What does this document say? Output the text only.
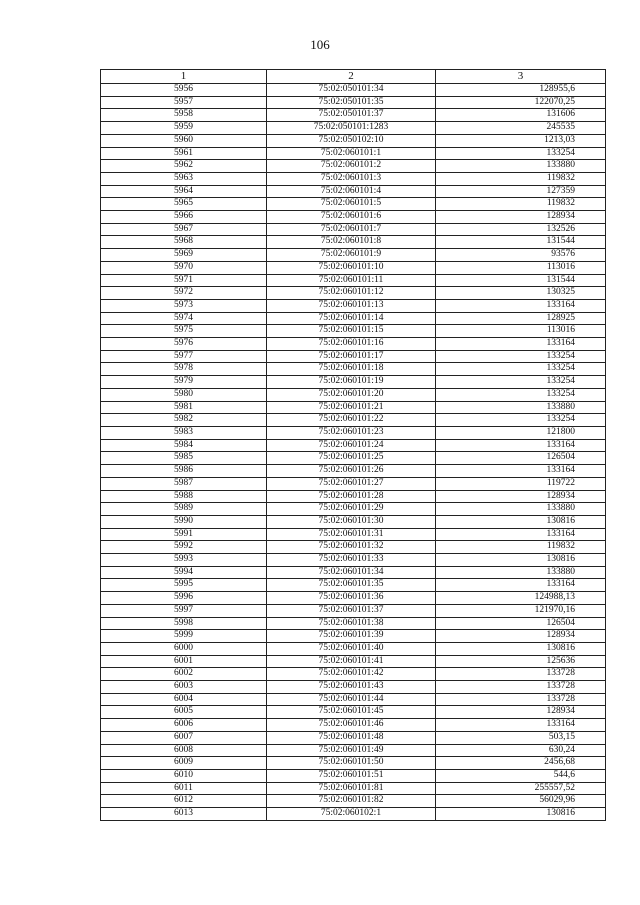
106
1	2	3
5956	75:02:050101:34	128955,6
5957	75:02:050101:35	122070,25
5958	75:02:050101:37	131606
5959	75:02:050101:1283	245535
5960	75:02:050102:10	1213,03
5961	75:02:060101:1	133254
5962	75:02:060101:2	133880
5963	75:02:060101:3	119832
5964	75:02:060101:4	127359
5965	75:02:060101:5	119832
5966	75:02:060101:6	128934
5967	75:02:060101:7	132526
5968	75:02:060101:8	131544
5969	75:02:060101:9	93576
5970	75:02:060101:10	113016
5971	75:02:060101:11	131544
5972	75:02:060101:12	130325
5973	75:02:060101:13	133164
5974	75:02:060101:14	128925
5975	75:02:060101:15	113016
5976	75:02:060101:16	133164
5977	75:02:060101:17	133254
5978	75:02:060101:18	133254
5979	75:02:060101:19	133254
5980	75:02:060101:20	133254
5981	75:02:060101:21	133880
5982	75:02:060101:22	133254
5983	75:02:060101:23	121800
5984	75:02:060101:24	133164
5985	75:02:060101:25	126504
5986	75:02:060101:26	133164
5987	75:02:060101:27	119722
5988	75:02:060101:28	128934
5989	75:02:060101:29	133880
5990	75:02:060101:30	130816
5991	75:02:060101:31	133164
5992	75:02:060101:32	119832
5993	75:02:060101:33	130816
5994	75:02:060101:34	133880
5995	75:02:060101:35	133164
5996	75:02:060101:36	124988,13
5997	75:02:060101:37	121970,16
5998	75:02:060101:38	126504
5999	75:02:060101:39	128934
6000	75:02:060101:40	130816
6001	75:02:060101:41	125636
6002	75:02:060101:42	133728
6003	75:02:060101:43	133728
6004	75:02:060101:44	133728
6005	75:02:060101:45	128934
6006	75:02:060101:46	133164
6007	75:02:060101:48	503,15
6008	75:02:060101:49	630,24
6009	75:02:060101:50	2456,68
6010	75:02:060101:51	544,6
6011	75:02:060101:81	255557,52
6012	75:02:060101:82	56029,96
6013	75:02:060102:1	130816
